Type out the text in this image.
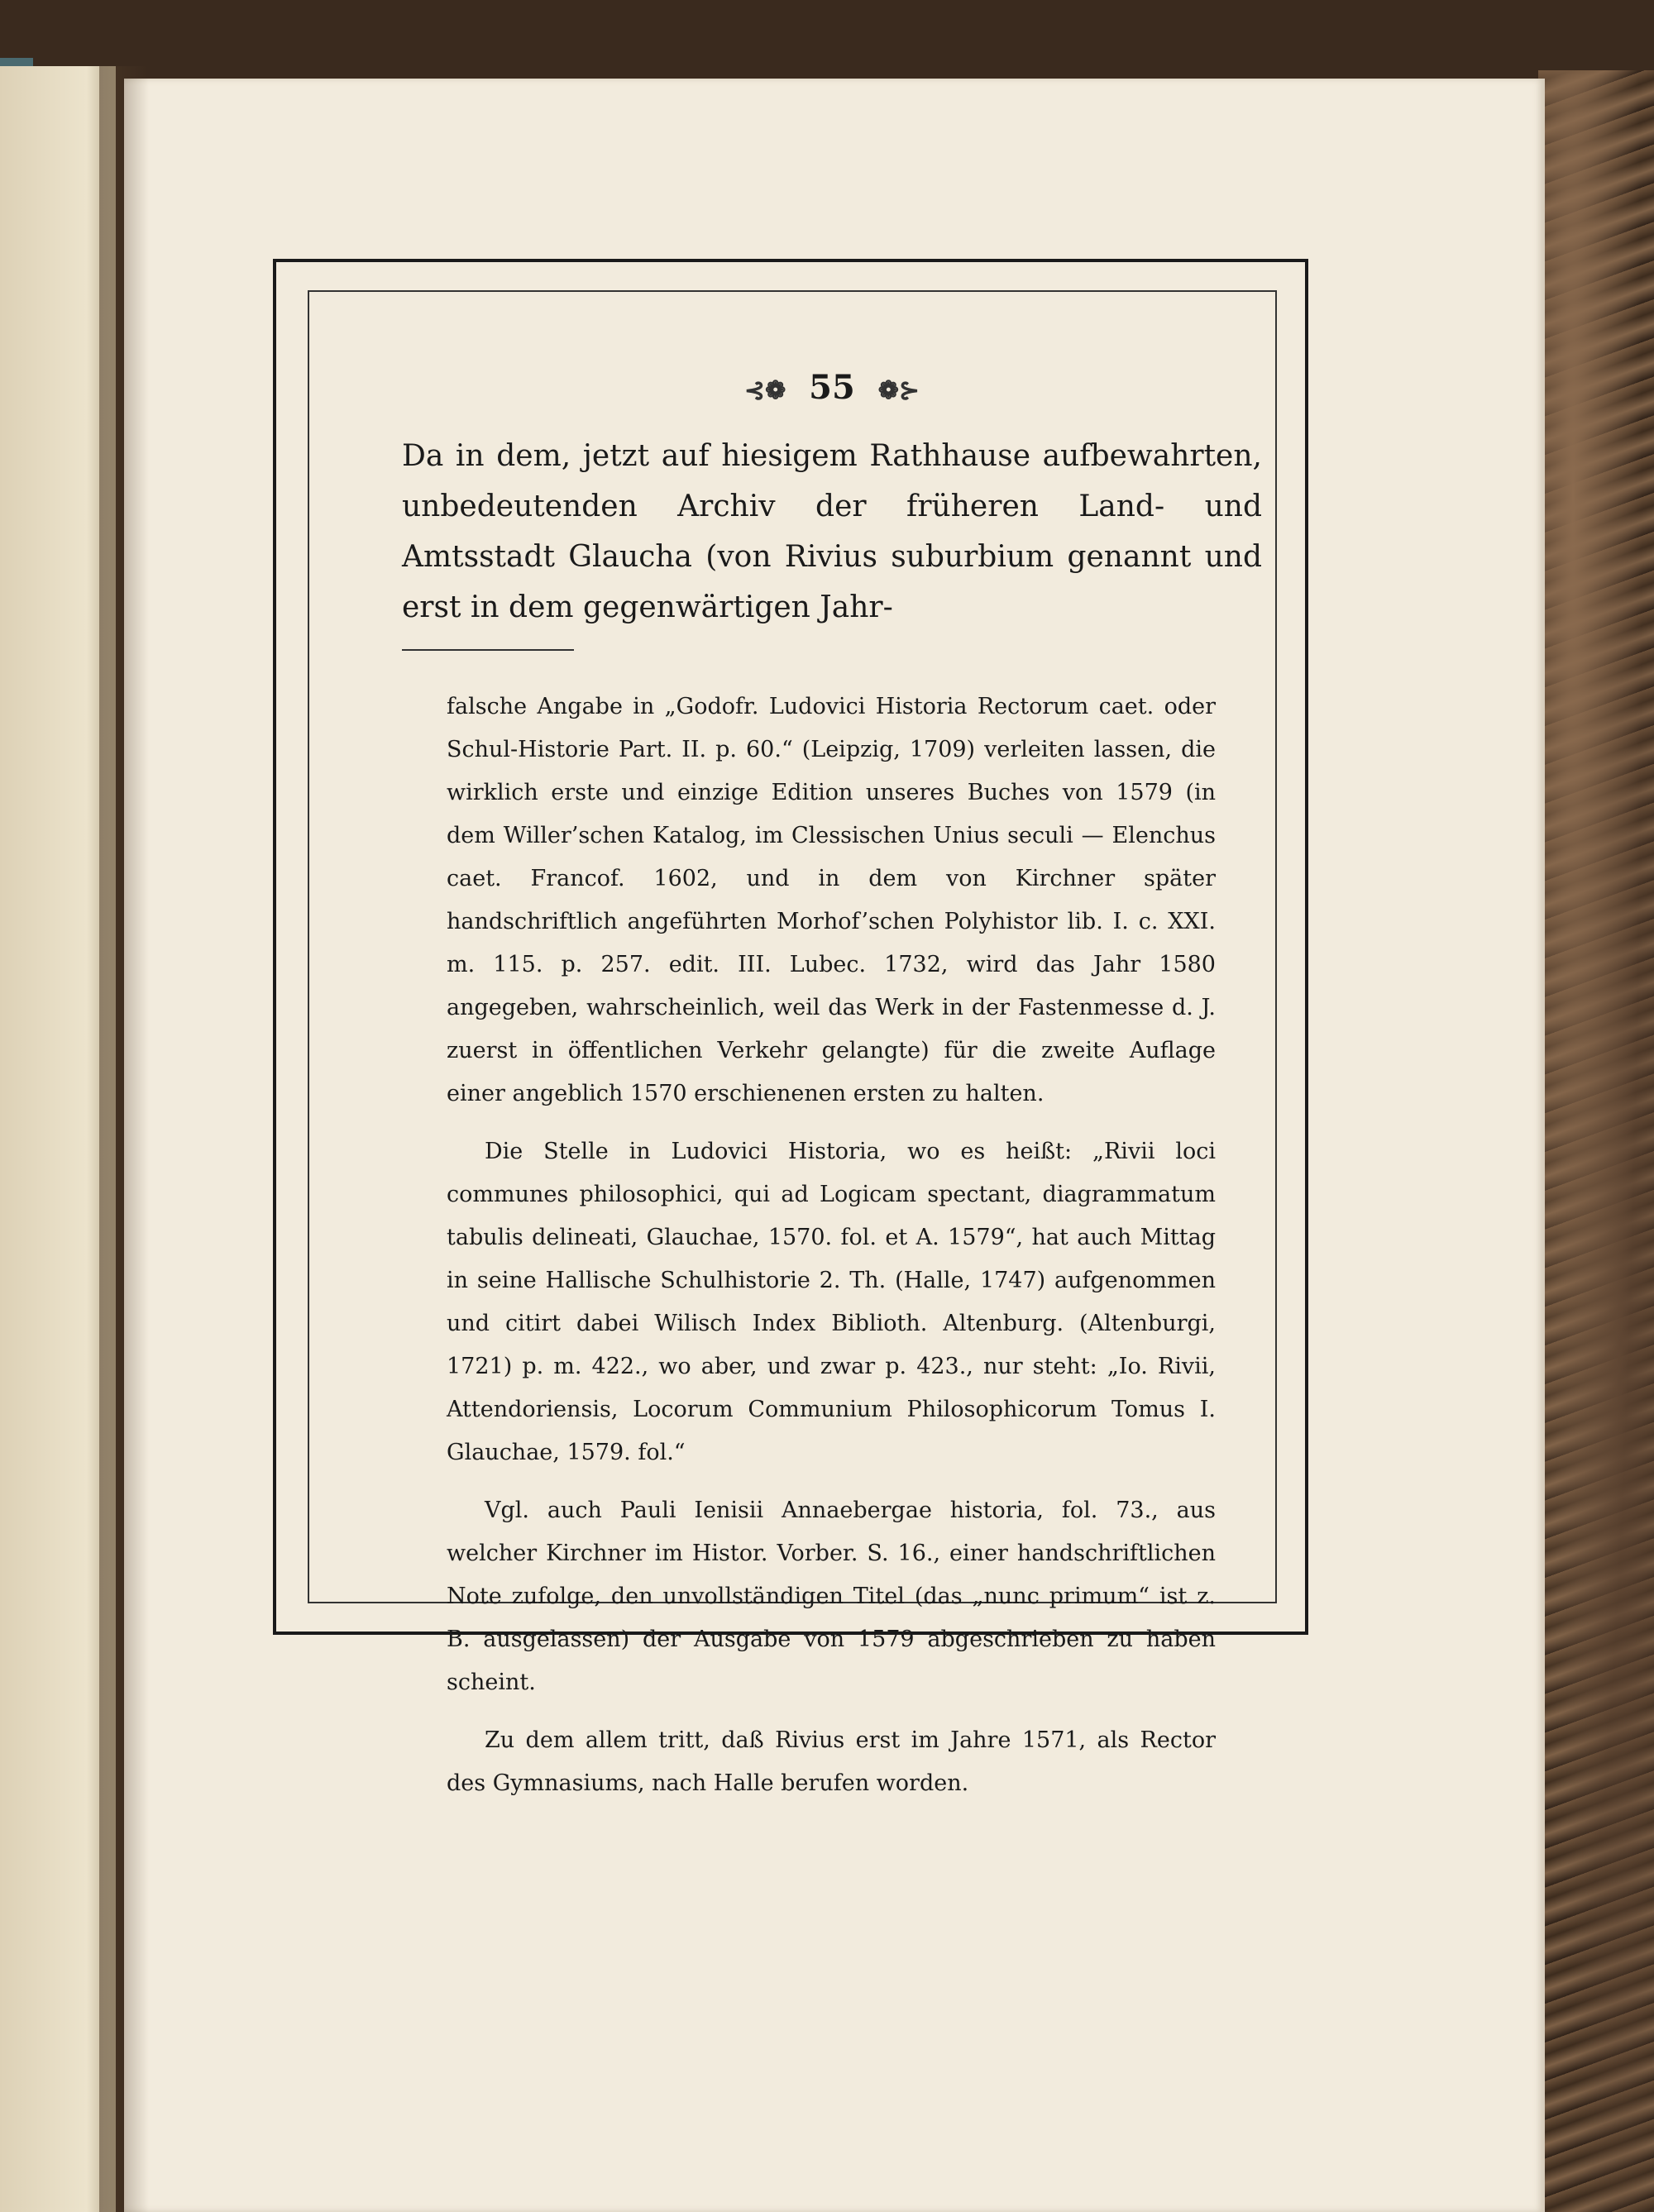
⊰❁ 55 ❁⊱
Da in dem, jetzt auf hiesigem Rathhause aufbewahrten, unbedeutenden Archiv der früheren Land- und Amtsstadt Glaucha (von Rivius suburbium genannt und erst in dem gegenwärtigen Jahr-

falsche Angabe in „Godofr. Ludovici Historia Rectorum caet. oder Schul-Historie Part. II. p. 60.“ (Leipzig, 1709) verleiten lassen, die wirklich erste und einzige Edition unseres Buches von 1579 (in dem Willer’schen Katalog, im Clessischen Unius seculi — Elenchus caet. Francof. 1602, und in dem von Kirchner später handschriftlich angeführten Morhof’schen Polyhistor lib. I. c. XXI. m. 115. p. 257. edit. III. Lubec. 1732, wird das Jahr 1580 angegeben, wahrscheinlich, weil das Werk in der Fastenmesse d. J. zuerst in öffentlichen Verkehr gelangte) für die zweite Auflage einer angeblich 1570 erschienenen ersten zu halten.

Die Stelle in Ludovici Historia, wo es heißt: „Rivii loci communes philosophici, qui ad Logicam spectant, diagrammatum tabulis delineati, Glauchae, 1570. fol. et A. 1579“, hat auch Mittag in seine Hallische Schulhistorie 2. Th. (Halle, 1747) aufgenommen und citirt dabei Wilisch Index Biblioth. Altenburg. (Altenburgi, 1721) p. m. 422., wo aber, und zwar p. 423., nur steht: „Io. Rivii, Attendoriensis, Locorum Communium Philosophicorum Tomus I. Glauchae, 1579. fol.“

Vgl. auch Pauli Ienisii Annaebergae historia, fol. 73., aus welcher Kirchner im Histor. Vorber. S. 16., einer handschriftlichen Note zufolge, den unvollständigen Titel (das „nunc primum“ ist z. B. ausgelassen) der Ausgabe von 1579 abgeschrieben zu haben scheint.

Zu dem allem tritt, daß Rivius erst im Jahre 1571, als Rector des Gymnasiums, nach Halle berufen worden.
